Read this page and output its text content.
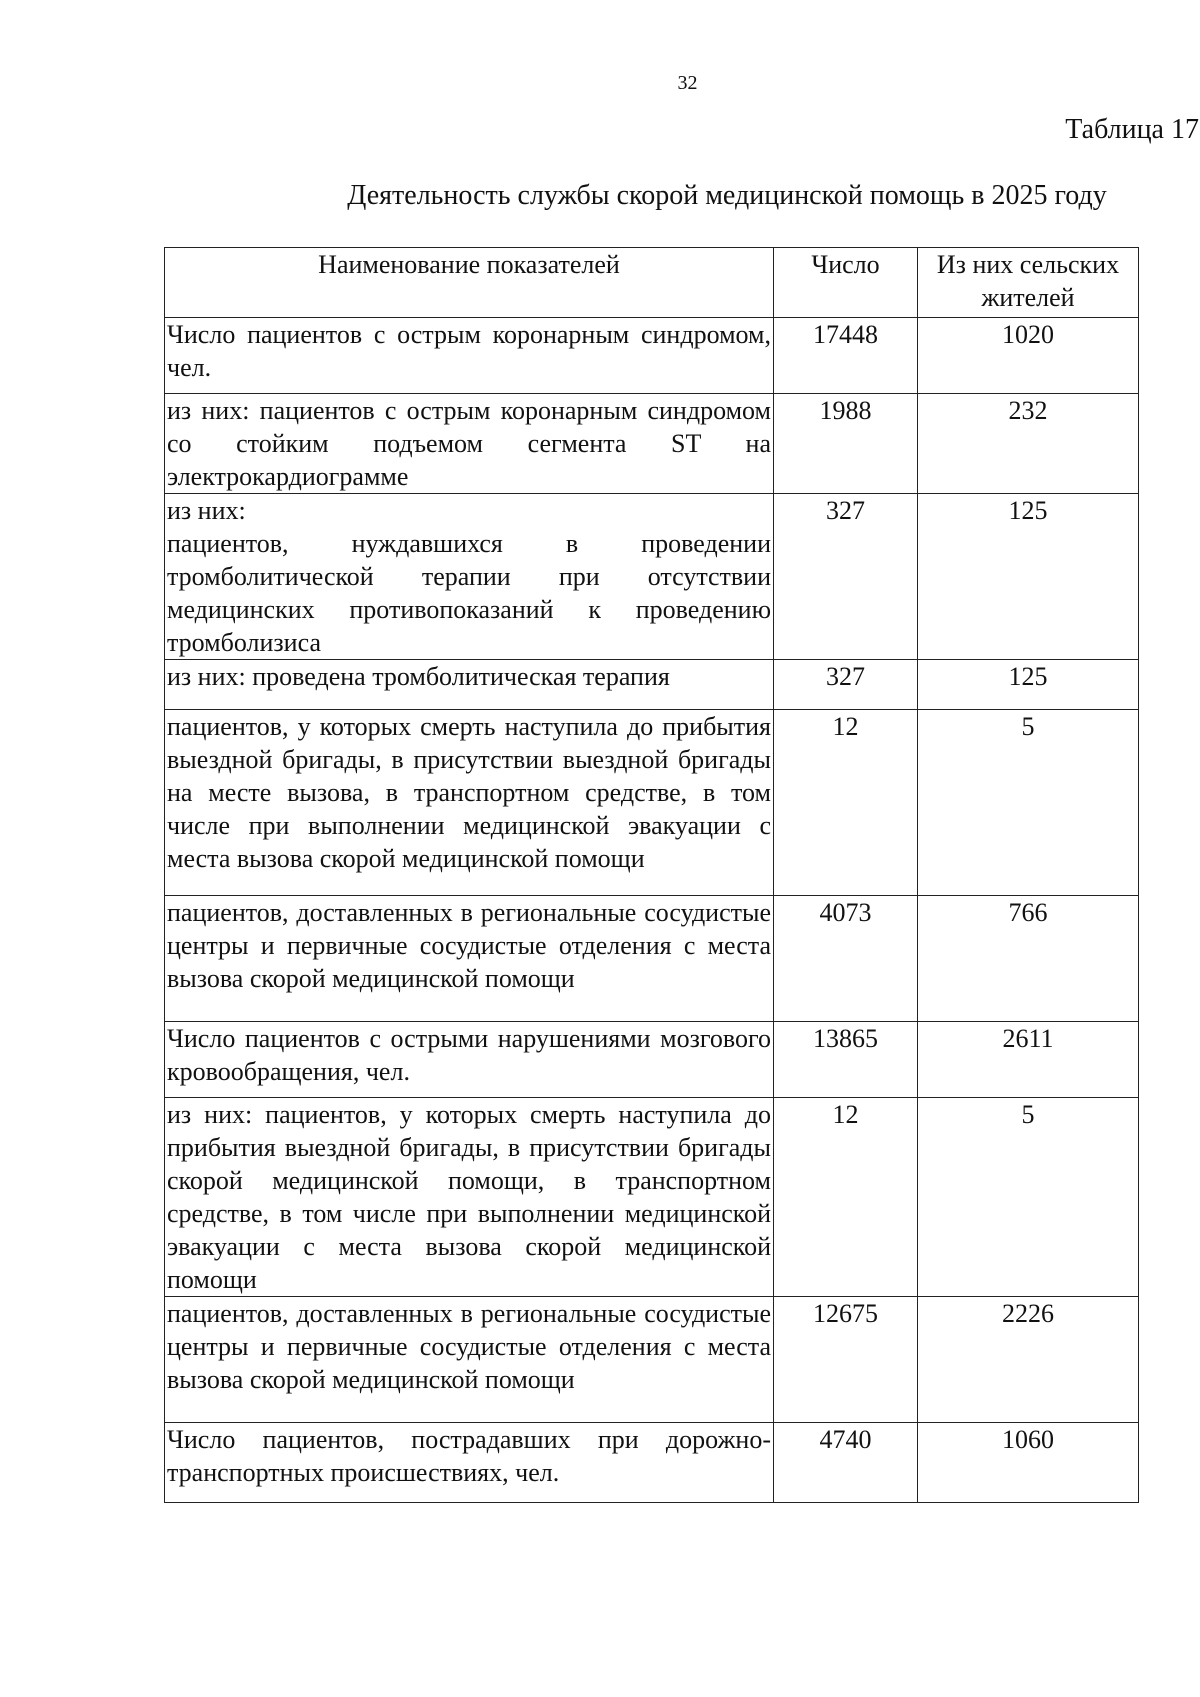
32
Таблица 17
Деятельность службы скорой медицинской помощь в 2025 году
Наименование показателей	Число	Из них сельских жителей
Число пациентов с острым коронарным синдромом, чел.	17448	1020
из них: пациентов с острым коронарным синдромом со стойким подъемом сегмента ST на электрокардиограмме	1988	232

из них:
пациентов, нуждавшихся в проведении тромболитической терапии при отсутствии медицинских противопоказаний к проведению тромболизиса	327	125
из них: проведена тромболитическая терапия	327	125
пациентов, у которых смерть наступила до прибытия выездной бригады, в присутствии выездной бригады на месте вызова, в транспортном средстве, в том числе при выполнении медицинской эвакуации с места вызова скорой медицинской помощи	12	5
пациентов, доставленных в региональные сосудистые центры и первичные сосудистые отделения с места вызова скорой медицинской помощи	4073	766
Число пациентов с острыми нарушениями мозгового кровообращения, чел.	13865	2611
из них: пациентов, у которых смерть наступила до прибытия выездной бригады, в присутствии бригады скорой медицинской помощи, в транспортном средстве, в том числе при выполнении медицинской эвакуации с места вызова скорой медицинской помощи	12	5
пациентов, доставленных в региональные сосудистые центры и первичные сосудистые отделения с места вызова скорой медицинской помощи	12675	2226
Число пациентов, пострадавших при дорожно-транспортных происшествиях, чел.	4740	1060
